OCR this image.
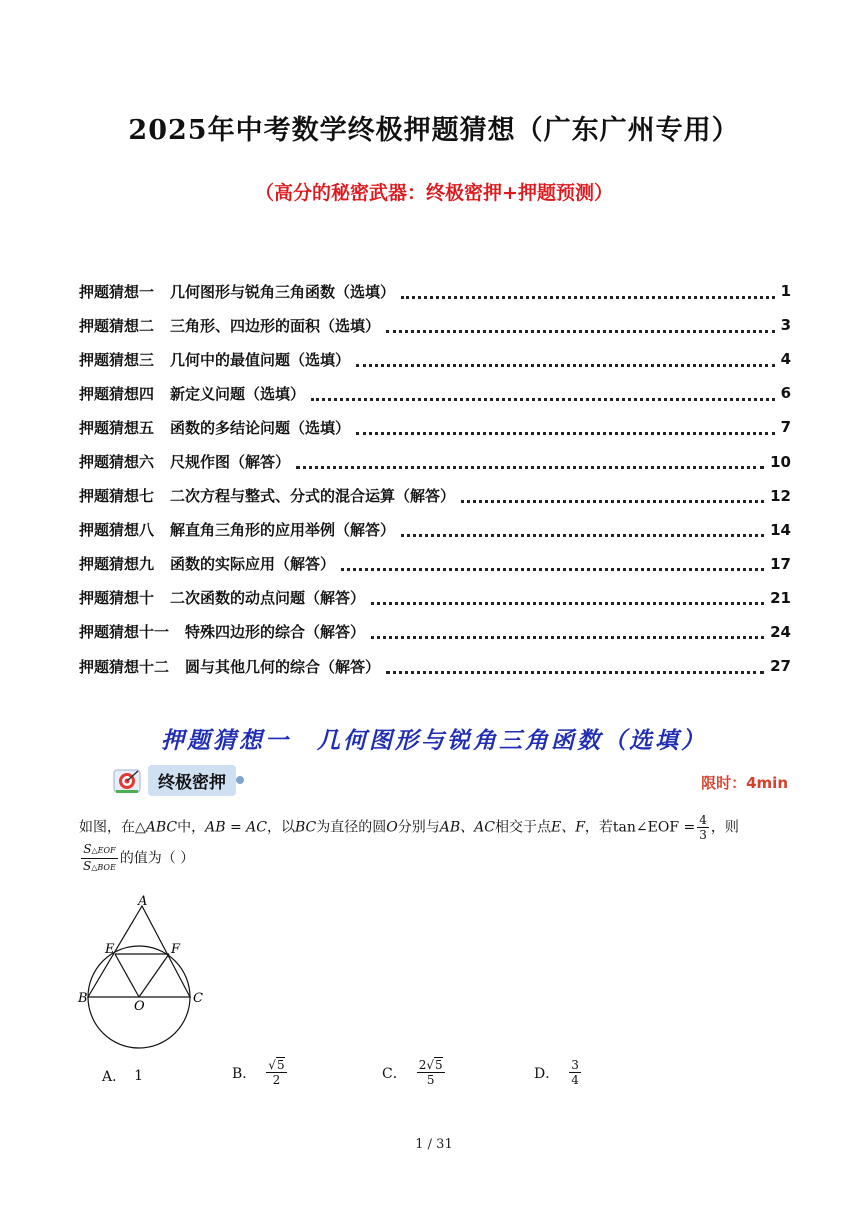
2025年中考数学终极押题猜想（广东广州专用）
（高分的秘密武器：终极密押+押题预测）
押题猜想一 几何图形与锐角三角函数（选填）	1
押题猜想二 三角形、四边形的面积（选填）	3
押题猜想三 几何中的最值问题（选填）	4
押题猜想四 新定义问题（选填）	6
押题猜想五 函数的多结论问题（选填）	7
押题猜想六 尺规作图（解答）	10
押题猜想七 二次方程与整式、分式的混合运算（解答）	12
押题猜想八 解直角三角形的应用举例（解答）	14
押题猜想九 函数的实际应用（解答）	17
押题猜想十 二次函数的动点问题（解答）	21
押题猜想十一 特殊四边形的综合（解答）	24
押题猜想十二 圆与其他几何的综合（解答）	27
押题猜想一　几何图形与锐角三角函数（选填）
终极密押	限时：4min
如图，在△ABC中，AB = AC，以BC为直径的圆O分别与AB、AC相交于点E、F，若tan∠EOF = $\frac{4}{3}$ ，则

$\frac{\text{S△EOF}}{\text{S△BOE}}$ 的值为（ ）
A
E	F
B
O
C
A． 1	B． $\frac{√5}{2}$	C． $\frac{2√5}{5}$	D． $\frac{3}{4}$
1 / 31
